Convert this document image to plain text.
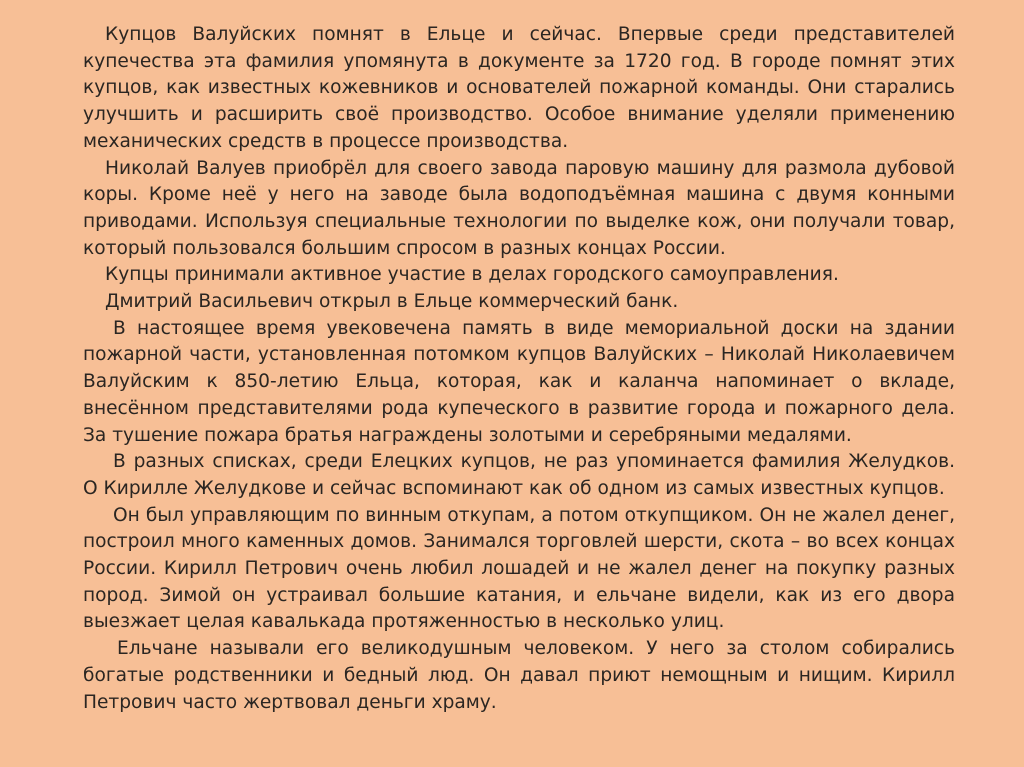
Купцов Валуйских помнят в Ельце и сейчас. Впервые среди представителей купечества эта фамилия упомянута в документе за 1720 год. В городе помнят этих купцов, как известных кожевников и основателей пожарной команды. Они старались улучшить и расширить своё производство. Особое внимание уделяли применению механических средств в процессе производства.

Николай Валуев приобрёл для своего завода паровую машину для размола дубовой коры. Кроме неё у него на заводе была водоподъёмная машина с двумя конными приводами. Используя специальные технологии по выделке кож, они получали товар, который пользовался большим спросом в разных концах России.

Купцы принимали активное участие в делах городского самоуправления.

Дмитрий Васильевич открыл в Ельце коммерческий банк.

В настоящее время увековечена память в виде мемориальной доски на здании пожарной части, установленная потомком купцов Валуйских – Николай Николаевичем Валуйским к 850-летию Ельца, которая, как и каланча напоминает о вкладе, внесённом представителями рода купеческого в развитие города и пожарного дела. За тушение пожара братья награждены золотыми и серебряными медалями.

В разных списках, среди Елецких купцов, не раз упоминается фамилия Желудков. О Кирилле Желудкове и сейчас вспоминают как об одном из самых известных купцов.

Он был управляющим по винным откупам, а потом откупщиком. Он не жалел денег, построил много каменных домов. Занимался торговлей шерсти, скота – во всех концах России. Кирилл Петрович очень любил лошадей и не жалел денег на покупку разных пород. Зимой он устраивал большие катания, и ельчане видели, как из его двора выезжает целая кавалькада протяженностью в несколько улиц.

Ельчане называли его великодушным человеком. У него за столом собирались богатые родственники и бедный люд. Он давал приют немощным и нищим. Кирилл Петрович часто жертвовал деньги храму.
